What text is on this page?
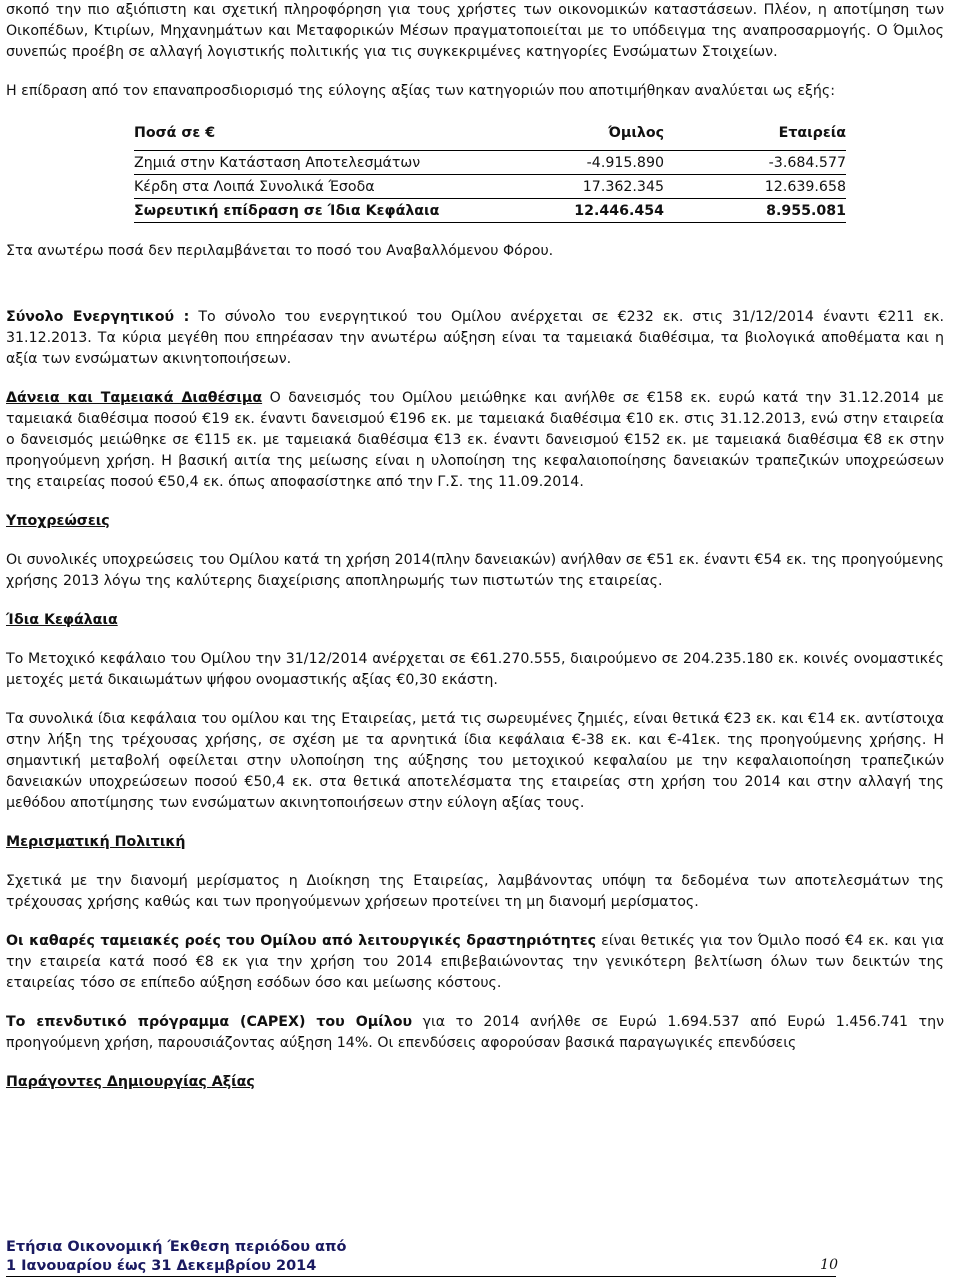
σκοπό την πιο αξιόπιστη και σχετική πληροφόρηση για τους χρήστες των οικονομικών καταστάσεων. Πλέον, η αποτίμηση των Οικοπέδων, Κτιρίων, Μηχανημάτων και Μεταφορικών Μέσων πραγματοποιείται με το υπόδειγμα της αναπροσαρμογής. Ο Όμιλος συνεπώς προέβη σε αλλαγή λογιστικής πολιτικής για τις συγκεκριμένες κατηγορίες Ενσώματων Στοιχείων.

Η επίδραση από τον επαναπροσδιορισμό της εύλογης αξίας των κατηγοριών που αποτιμήθηκαν αναλύεται ως εξής:

Ποσά σε €	Όμιλος	Εταιρεία
Ζημιά στην Κατάσταση Αποτελεσμάτων	-4.915.890	-3.684.577
Κέρδη στα Λοιπά Συνολικά Έσοδα	17.362.345	12.639.658
Σωρευτική επίδραση σε Ίδια Κεφάλαια	12.446.454	8.955.081

Στα ανωτέρω ποσά δεν περιλαμβάνεται το ποσό του Αναβαλλόμενου Φόρου.

Σύνολο Ενεργητικού : Το σύνολο του ενεργητικού του Ομίλου ανέρχεται σε €232 εκ. στις 31/12/2014 έναντι €211 εκ. 31.12.2013. Τα κύρια μεγέθη που επηρέασαν την ανωτέρω αύξηση είναι τα ταμειακά διαθέσιμα, τα βιολογικά αποθέματα και η αξία των ενσώματων ακινητοποιήσεων.

Δάνεια και Ταμειακά Διαθέσιμα Ο δανεισμός του Ομίλου μειώθηκε και ανήλθε σε €158 εκ. ευρώ κατά την 31.12.2014 με ταμειακά διαθέσιμα ποσού €19 εκ. έναντι δανεισμού €196 εκ. με ταμειακά διαθέσιμα €10 εκ. στις 31.12.2013, ενώ στην εταιρεία ο δανεισμός μειώθηκε σε €115 εκ. με ταμειακά διαθέσιμα €13 εκ. έναντι δανεισμού €152 εκ. με ταμειακά διαθέσιμα €8 εκ στην προηγούμενη χρήση. Η βασική αιτία της μείωσης είναι η υλοποίηση της κεφαλαιοποίησης δανειακών τραπεζικών υποχρεώσεων της εταιρείας ποσού €50,4 εκ. όπως αποφασίστηκε από την Γ.Σ. της 11.09.2014.

Υποχρεώσεις

Οι συνολικές υποχρεώσεις του Ομίλου κατά τη χρήση 2014(πλην δανειακών) ανήλθαν σε €51 εκ. έναντι €54 εκ. της προηγούμενης χρήσης 2013 λόγω της καλύτερης διαχείρισης αποπληρωμής των πιστωτών της εταιρείας.

Ίδια Κεφάλαια

Το Μετοχικό κεφάλαιο του Ομίλου την 31/12/2014 ανέρχεται σε €61.270.555, διαιρούμενο σε 204.235.180 εκ. κοινές ονομαστικές μετοχές μετά δικαιωμάτων ψήφου ονομαστικής αξίας €0,30 εκάστη.

Τα συνολικά ίδια κεφάλαια του ομίλου και της Εταιρείας, μετά τις σωρευμένες ζημιές, είναι θετικά €23 εκ. και €14 εκ. αντίστοιχα στην λήξη της τρέχουσας χρήσης, σε σχέση με τα αρνητικά ίδια κεφάλαια €-38 εκ. και €-41εκ. της προηγούμενης χρήσης. Η σημαντική μεταβολή οφείλεται στην υλοποίηση της αύξησης του μετοχικού κεφαλαίου με την κεφαλαιοποίηση τραπεζικών δανειακών υποχρεώσεων ποσού €50,4 εκ. στα θετικά αποτελέσματα της εταιρείας στη χρήση του 2014 και στην αλλαγή της μεθόδου αποτίμησης των ενσώματων ακινητοποιήσεων στην εύλογη αξίας τους.

Μερισματική Πολιτική

Σχετικά με την διανομή μερίσματος η Διοίκηση της Εταιρείας, λαμβάνοντας υπόψη τα δεδομένα των αποτελεσμάτων της τρέχουσας χρήσης καθώς και των προηγούμενων χρήσεων προτείνει τη μη διανομή μερίσματος.

Οι καθαρές ταμειακές ροές του Ομίλου από λειτουργικές δραστηριότητες είναι θετικές για τον Όμιλο ποσό €4 εκ. και για την εταιρεία κατά ποσό €8 εκ για την χρήση του 2014 επιβεβαιώνοντας την γενικότερη βελτίωση όλων των δεικτών της εταιρείας τόσο σε επίπεδο αύξηση εσόδων όσο και μείωσης κόστους.

Το επενδυτικό πρόγραμμα (CAPEX) του Ομίλου για το 2014 ανήλθε σε Ευρώ 1.694.537 από Ευρώ 1.456.741 την προηγούμενη χρήση, παρουσιάζοντας αύξηση 14%. Οι επενδύσεις αφορούσαν βασικά παραγωγικές επενδύσεις

Παράγοντες Δημιουργίας Αξίας

Ετήσια Οικονομική Έκθεση περιόδου από
1 Ιανουαρίου έως 31 Δεκεμβρίου 2014	10
